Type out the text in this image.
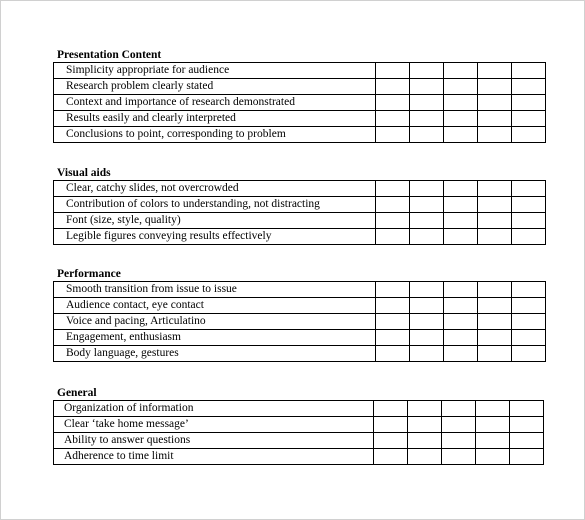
Presentation Content
Simplicity appropriate for audience					
Research problem clearly stated					
Context and importance of research demonstrated					
Results easily and clearly interpreted					
Conclusions to point, corresponding to problem					
Visual aids
Clear, catchy slides, not overcrowded					
Contribution of colors to understanding, not distracting					
Font (size, style, quality)					
Legible figures conveying results effectively					
Performance
Smooth transition from issue to issue					
Audience contact, eye contact					
Voice and pacing, Articulatino					
Engagement, enthusiasm					
Body language, gestures					
General
Organization of information					
Clear ‘take home message’					
Ability to answer questions					
Adherence to time limit					
